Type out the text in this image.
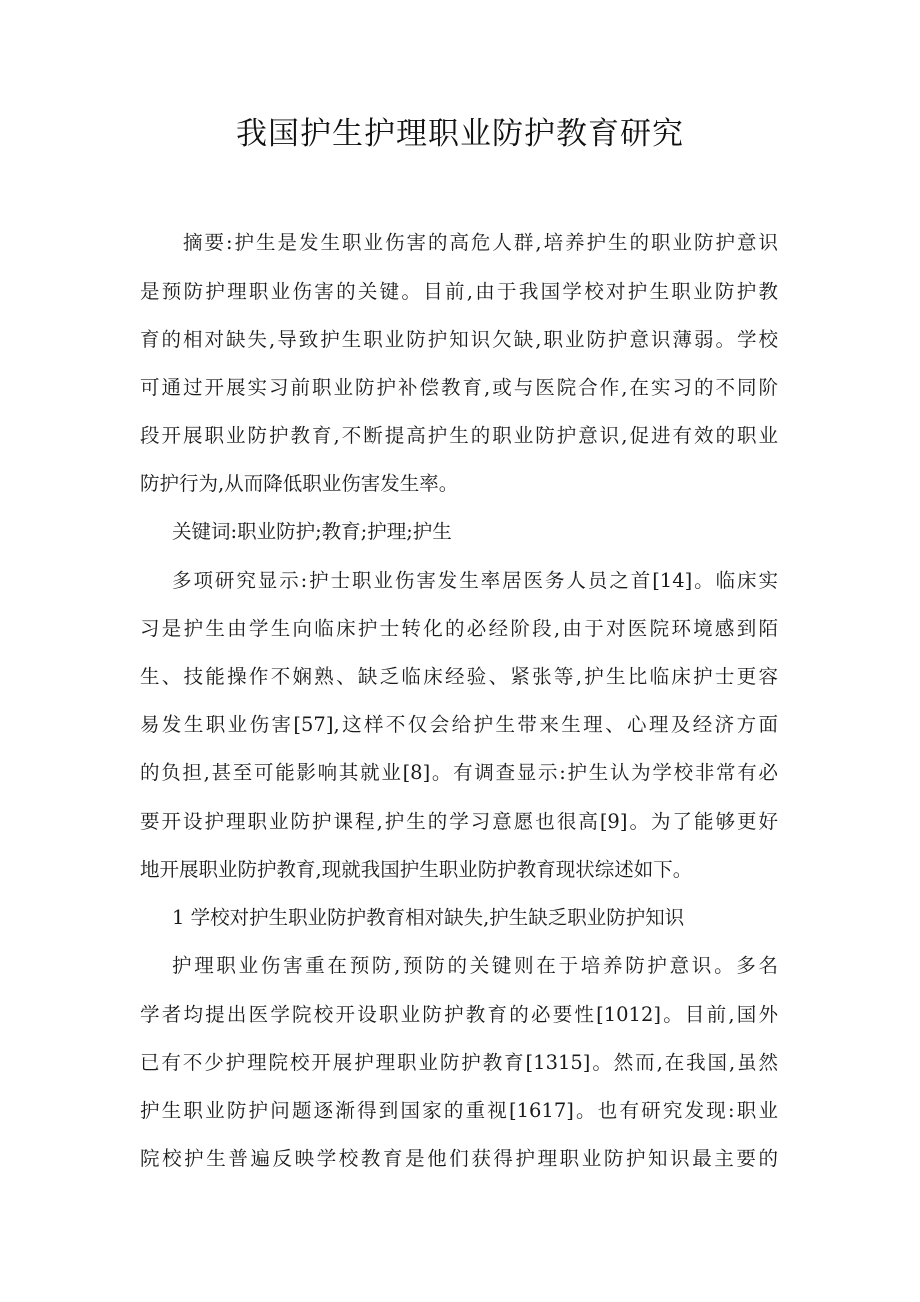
我国护生护理职业防护教育研究
摘要:护生是发生职业伤害的高危人群,培养护生的职业防护意识
是预防护理职业伤害的关键。目前,由于我国学校对护生职业防护教
育的相对缺失,导致护生职业防护知识欠缺,职业防护意识薄弱。学校
可通过开展实习前职业防护补偿教育,或与医院合作,在实习的不同阶
段开展职业防护教育,不断提高护生的职业防护意识,促进有效的职业
防护行为,从而降低职业伤害发生率。
关键词:职业防护;教育;护理;护生
多项研究显示:护士职业伤害发生率居医务人员之首[14]。临床实
习是护生由学生向临床护士转化的必经阶段,由于对医院环境感到陌
生、技能操作不娴熟、缺乏临床经验、紧张等,护生比临床护士更容
易发生职业伤害[57],这样不仅会给护生带来生理、心理及经济方面
的负担,甚至可能影响其就业[8]。有调查显示:护生认为学校非常有必
要开设护理职业防护课程,护生的学习意愿也很高[9]。为了能够更好
地开展职业防护教育,现就我国护生职业防护教育现状综述如下。
1 学校对护生职业防护教育相对缺失,护生缺乏职业防护知识
护理职业伤害重在预防,预防的关键则在于培养防护意识。多名
学者均提出医学院校开设职业防护教育的必要性[1012]。目前,国外
已有不少护理院校开展护理职业防护教育[1315]。然而,在我国,虽然
护生职业防护问题逐渐得到国家的重视[1617]。也有研究发现:职业
院校护生普遍反映学校教育是他们获得护理职业防护知识最主要的
